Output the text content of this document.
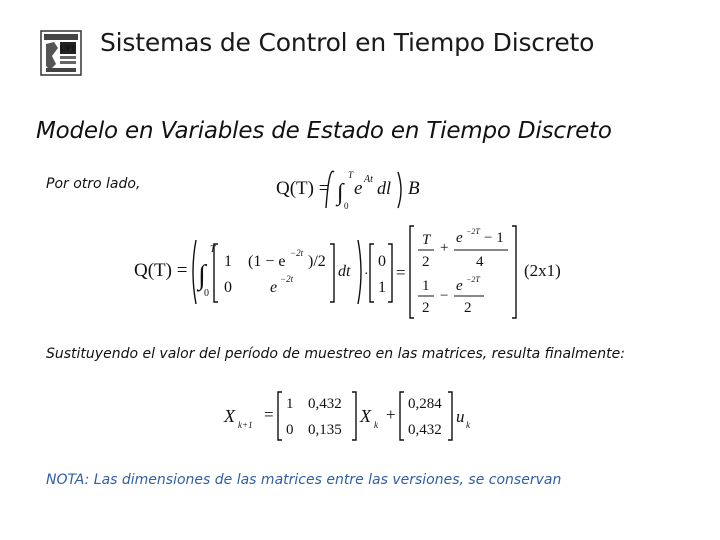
UPT Sistemas de Control en Tiempo Discreto
Modelo en Variables de Estado en Tiempo Discreto
Por otro lado,	Q(T) = ∫
T
0
e At dl B
Q(T) = ∫
T
0
1
0
(1 − e −2t )/2
e −2t	dt ·
0
1
=
T
2
+
e −2T − 1
4
1
2
−
e −2T
2
(2x1)
Sustituyendo el valor del período de muestreo en las matrices, resulta finalmente:
X k+1
=
1 0,432
0 0,135
X k
+
0,284
0,432
u k
NOTA: Las dimensiones de las matrices entre las versiones, se conservan
